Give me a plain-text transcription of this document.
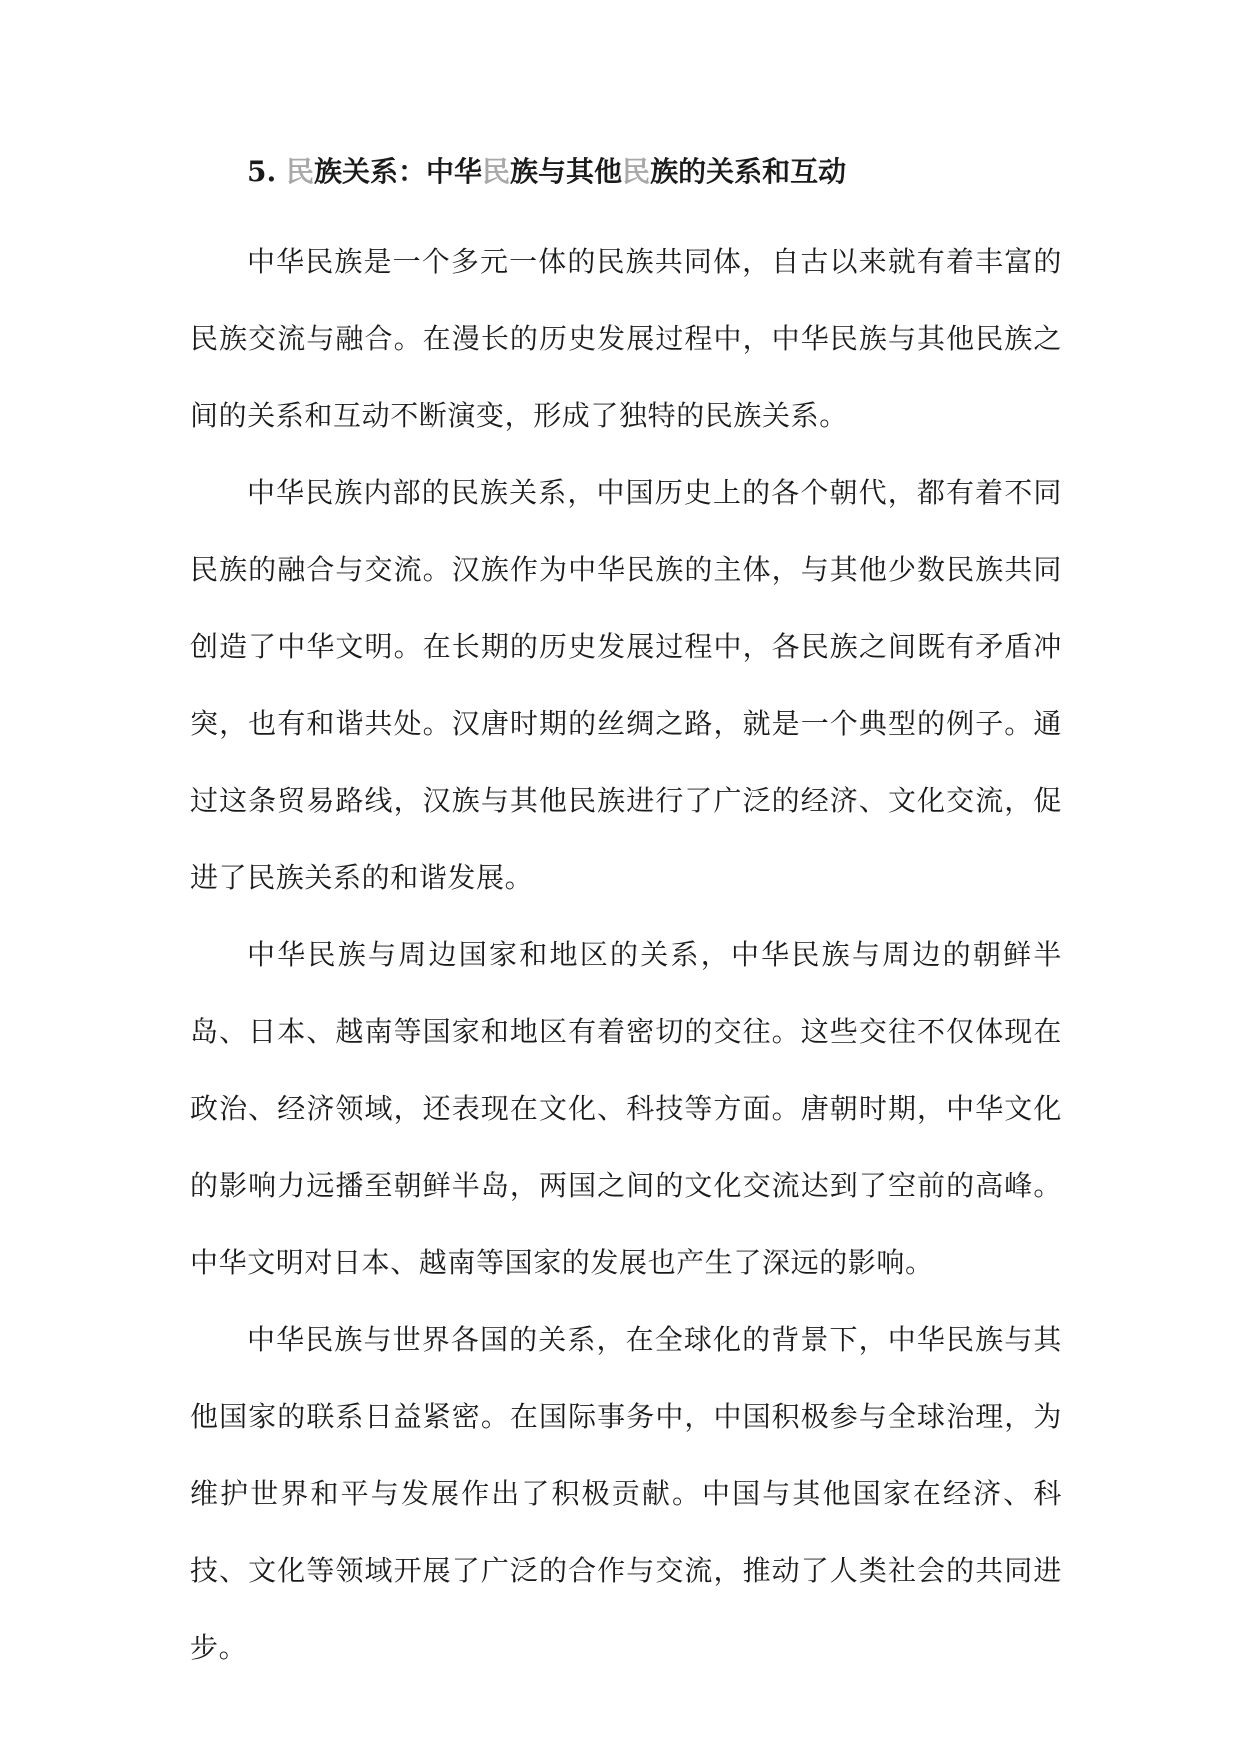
5. 民族关系：中华民族与其他民族的关系和互动

中华民族是一个多元一体的民族共同体，自古以来就有着丰富的民族交流与融合。在漫长的历史发展过程中，中华民族与其他民族之间的关系和互动不断演变，形成了独特的民族关系。

中华民族内部的民族关系，中国历史上的各个朝代，都有着不同民族的融合与交流。汉族作为中华民族的主体，与其他少数民族共同创造了中华文明。在长期的历史发展过程中，各民族之间既有矛盾冲突，也有和谐共处。汉唐时期的丝绸之路，就是一个典型的例子。通过这条贸易路线，汉族与其他民族进行了广泛的经济、文化交流，促进了民族关系的和谐发展。

中华民族与周边国家和地区的关系，中华民族与周边的朝鲜半岛、日本、越南等国家和地区有着密切的交往。这些交往不仅体现在政治、经济领域，还表现在文化、科技等方面。唐朝时期，中华文化的影响力远播至朝鲜半岛，两国之间的文化交流达到了空前的高峰。中华文明对日本、越南等国家的发展也产生了深远的影响。

中华民族与世界各国的关系，在全球化的背景下，中华民族与其他国家的联系日益紧密。在国际事务中，中国积极参与全球治理，为维护世界和平与发展作出了积极贡献。中国与其他国家在经济、科技、文化等领域开展了广泛的合作与交流，推动了人类社会的共同进步。
